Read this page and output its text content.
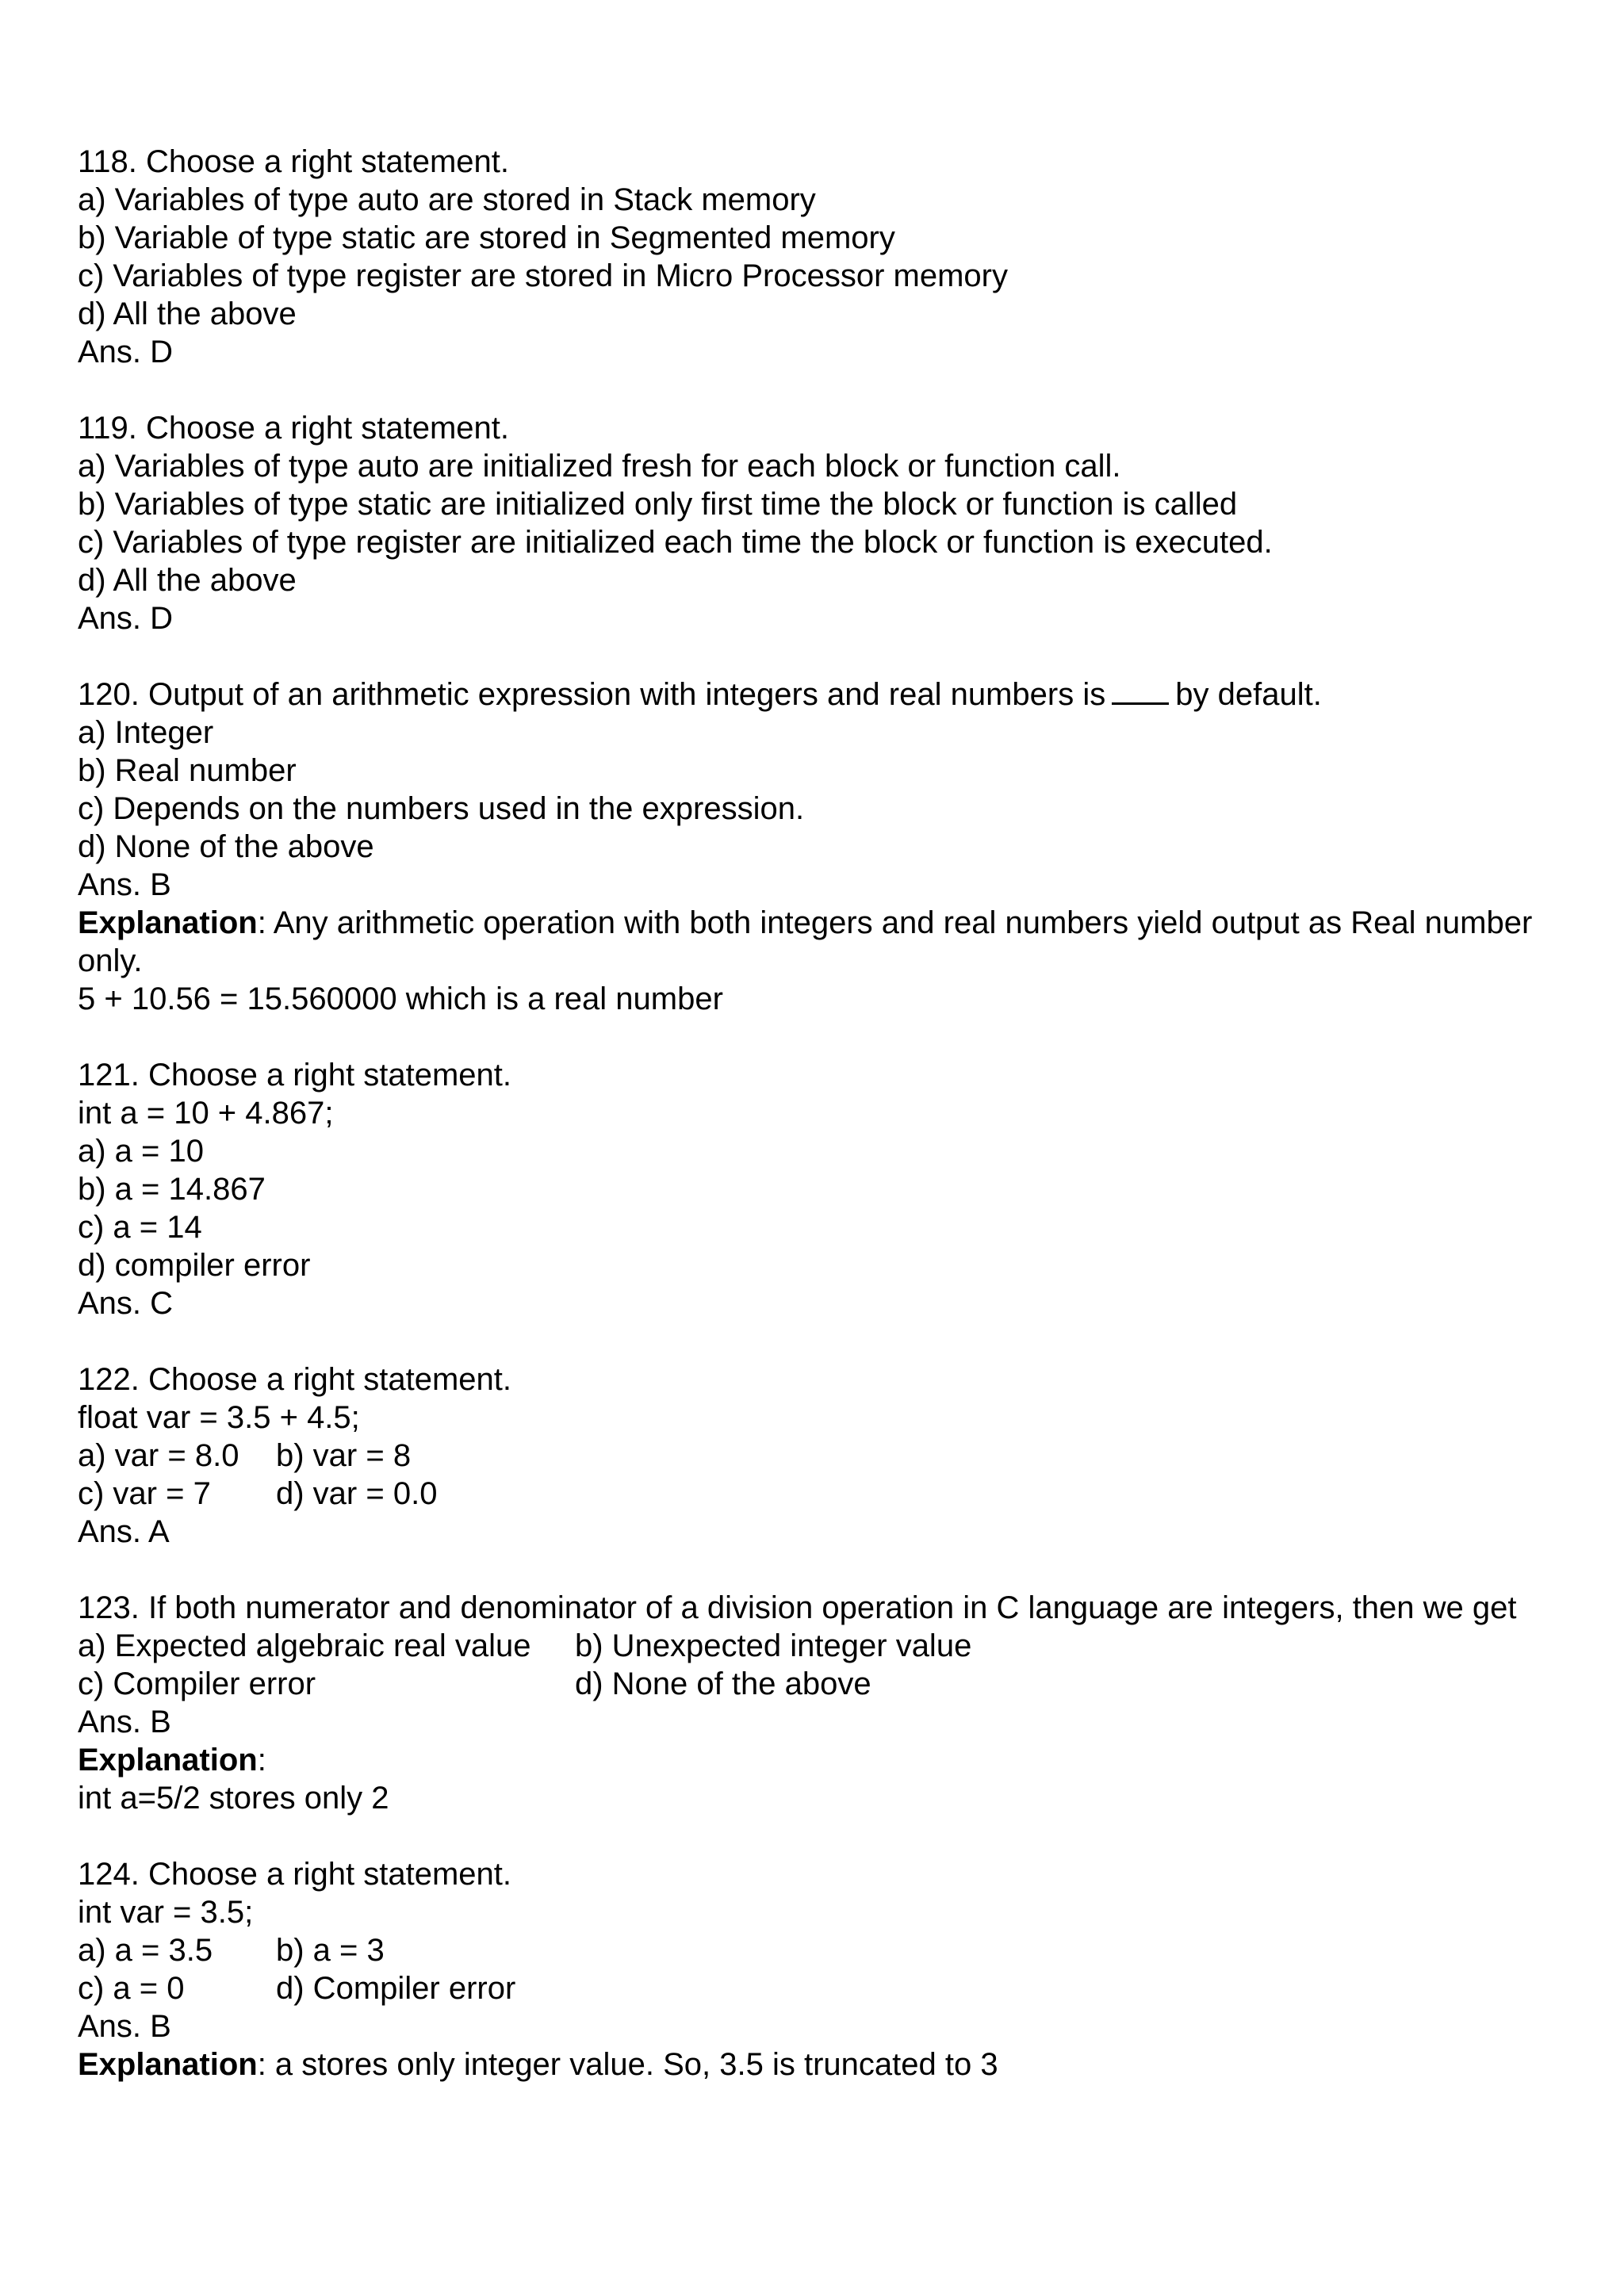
118. Choose a right statement.
a) Variables of type auto are stored in Stack memory
b) Variable of type static are stored in Segmented memory
c) Variables of type register are stored in Micro Processor memory
d) All the above
Ans. D
119. Choose a right statement.
a) Variables of type auto are initialized fresh for each block or function call.
b) Variables of type static are initialized only first time the block or function is called
c) Variables of type register are initialized each time the block or function is executed.
d) All the above
Ans. D
120. Output of an arithmetic expression with integers and real numbers is by default.
a) Integer
b) Real number
c) Depends on the numbers used in the expression.
d) None of the above
Ans. B
Explanation: Any arithmetic operation with both integers and real numbers yield output as Real number only.
5 + 10.56 = 15.560000 which is a real number
121. Choose a right statement.
int a = 10 + 4.867;
a) a = 10
b) a = 14.867
c) a = 14
d) compiler error
Ans. C
122. Choose a right statement.
float var = 3.5 + 4.5;
a) var = 8.0	b) var = 8
c) var = 7	d) var = 0.0
Ans. A
123. If both numerator and denominator of a division operation in C language are integers, then we get
a) Expected algebraic real value	b) Unexpected integer value
c) Compiler error	d) None of the above
Ans. B
Explanation:
int a=5/2 stores only 2
124. Choose a right statement.
int var = 3.5;
a) a = 3.5	b) a = 3
c) a = 0	d) Compiler error
Ans. B
Explanation: a stores only integer value. So, 3.5 is truncated to 3
